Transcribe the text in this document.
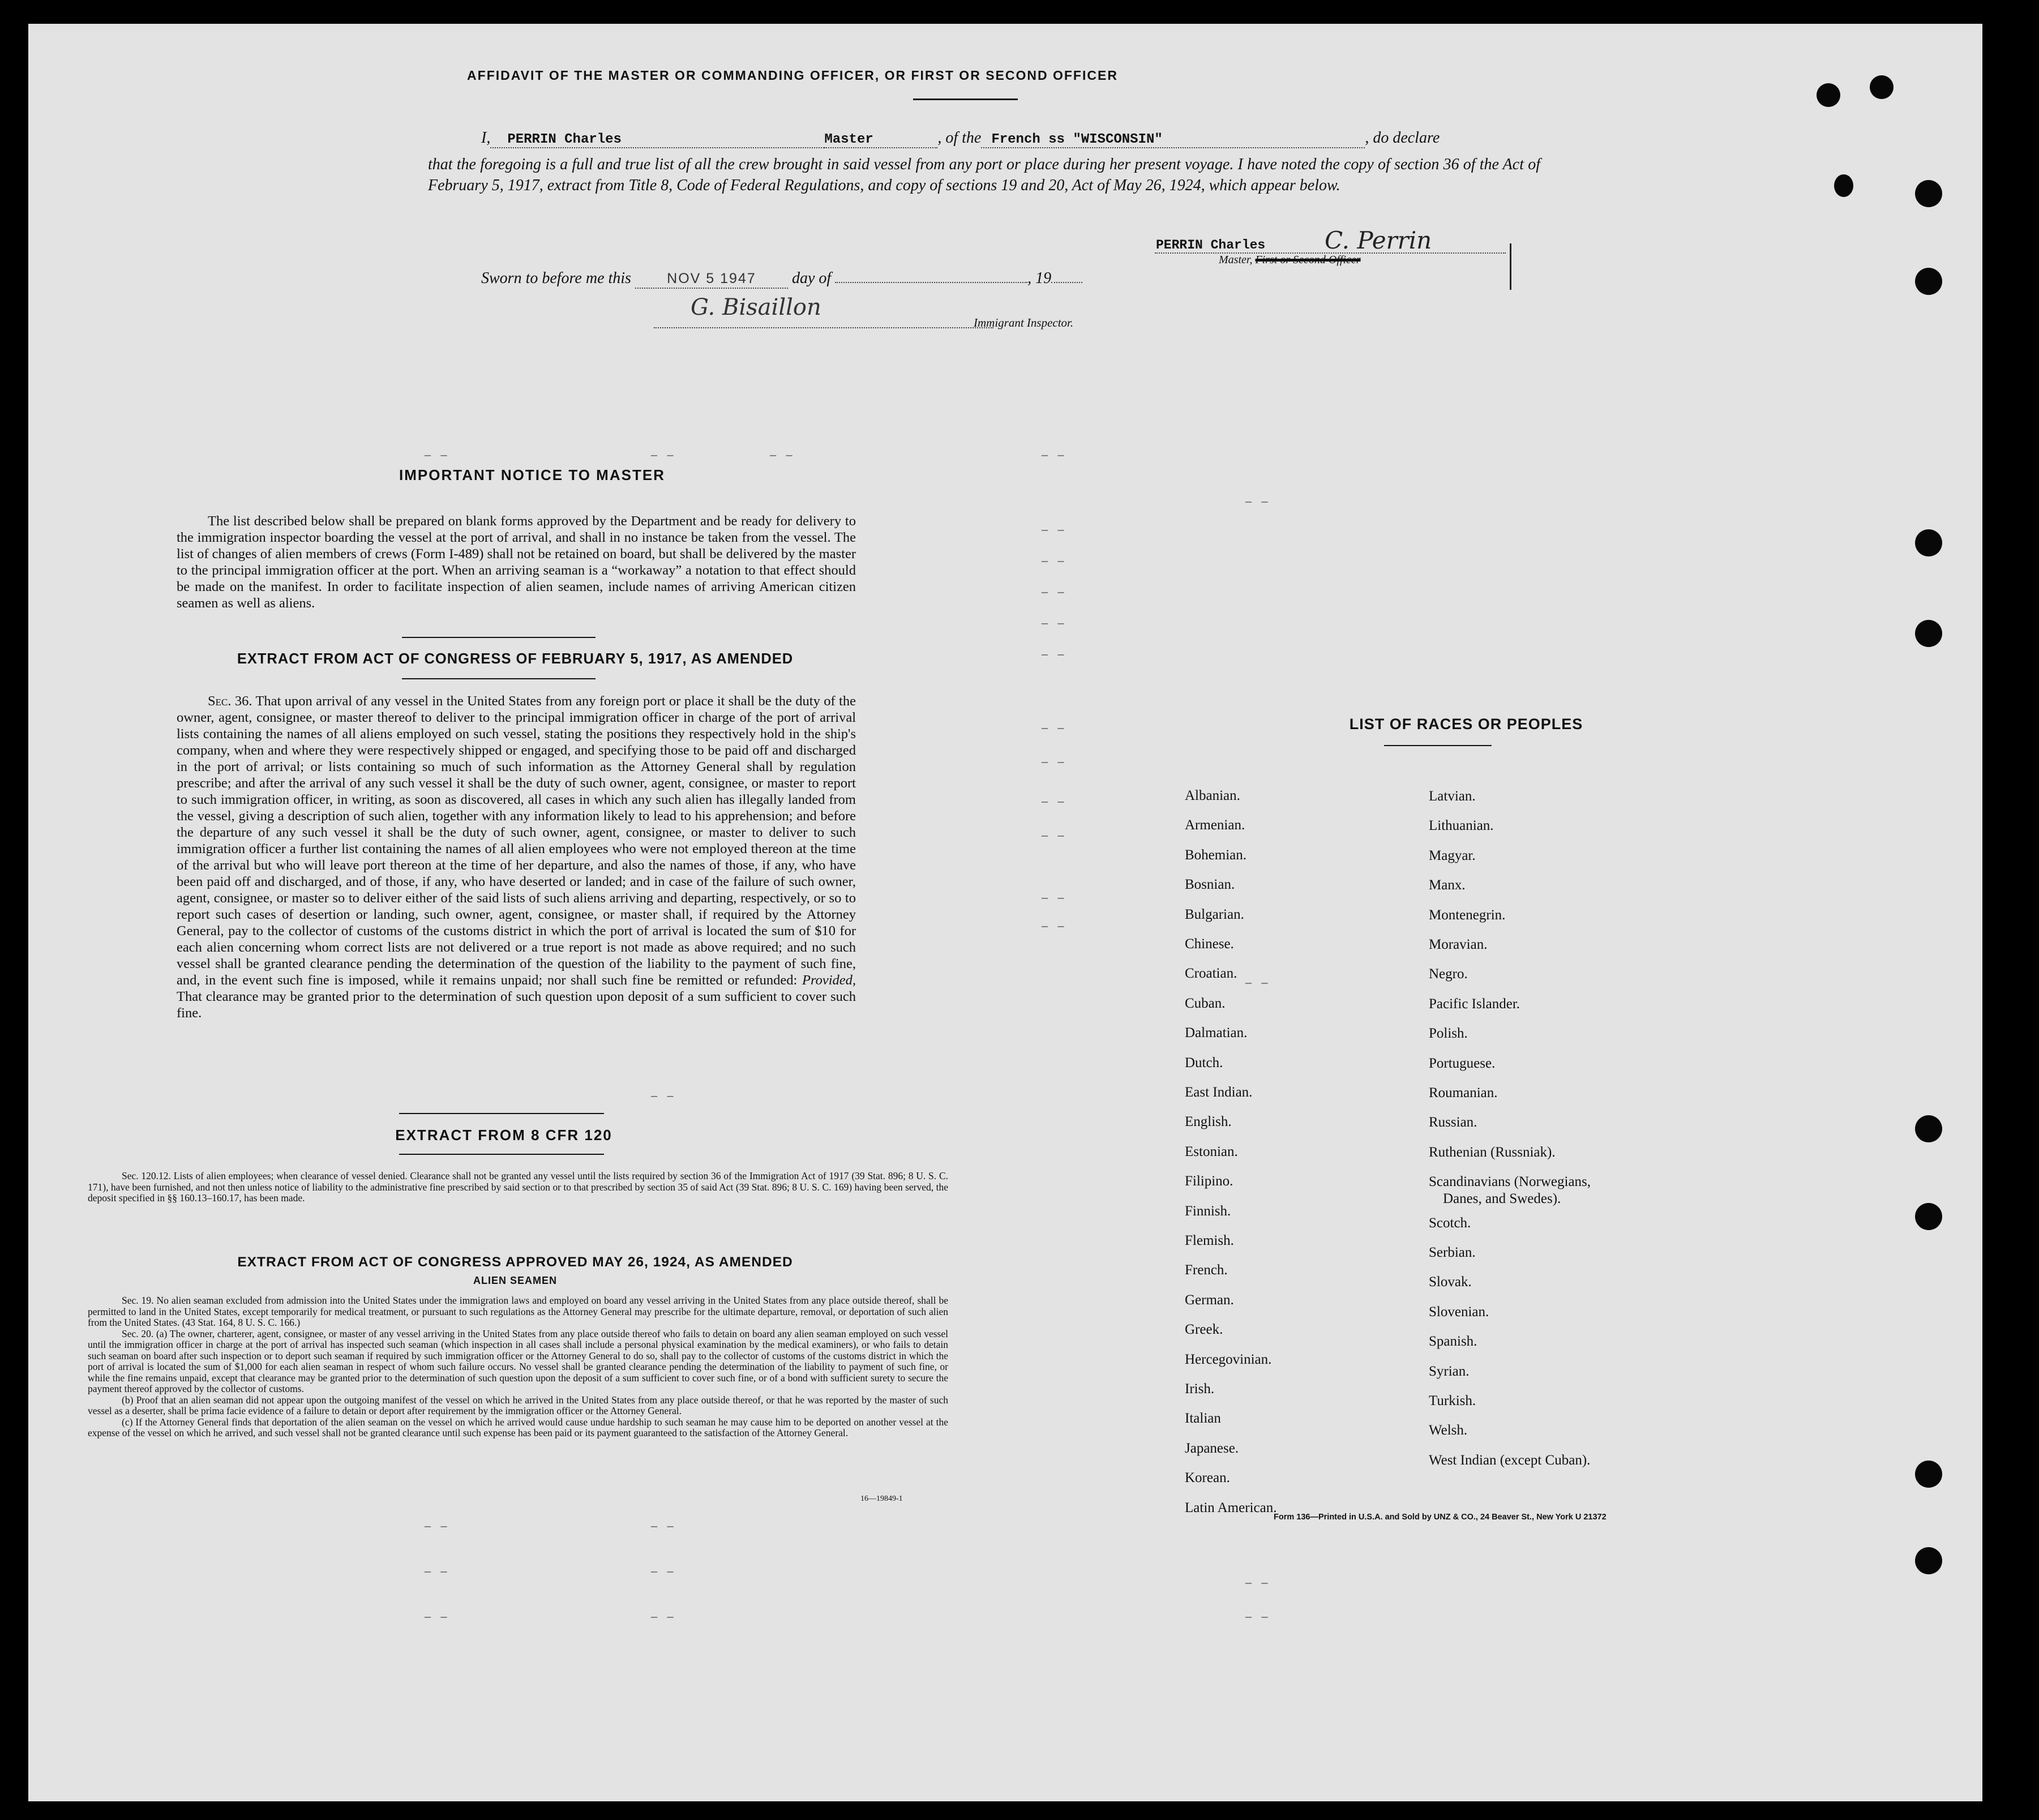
AFFIDAVIT OF THE MASTER OR COMMANDING OFFICER, OR FIRST OR SECOND OFFICER
I, PERRIN Charles	Master	, of the French ss "WISCONSIN"	, do declare
that the foregoing is a full and true list of all the crew brought in said vessel from any port or place during her present voyage. I have noted the copy of section 36 of the Act of February 5, 1917, extract from Title 8, Code of Federal Regulations, and copy of sections 19 and 20, Act of May 26, 1924, which appear below.
PERRIN Charles C. Perrin
Master, First or Second Officer
Sworn to before me this	NOV 5 1947 day of	, 19
G. Bisaillon
Immigrant Inspector.
IMPORTANT NOTICE TO MASTER
The list described below shall be prepared on blank forms approved by the Department and be ready for delivery to the immigration inspector boarding the vessel at the port of arrival, and shall in no instance be taken from the vessel. The list of changes of alien members of crews (Form I-489) shall not be retained on board, but shall be delivered by the master to the principal immigration officer at the port. When an arriving seaman is a “workaway” a notation to that effect should be made on the manifest. In order to facilitate inspection of alien seamen, include names of arriving American citizen seamen as well as aliens.
EXTRACT FROM ACT OF CONGRESS OF FEBRUARY 5, 1917, AS AMENDED
Sec. 36. That upon arrival of any vessel in the United States from any foreign port or place it shall be the duty of the owner, agent, consignee, or master thereof to deliver to the principal immigration officer in charge of the port of arrival lists containing the names of all aliens employed on such vessel, stating the positions they respectively hold in the ship's company, when and where they were respectively shipped or engaged, and specifying those to be paid off and discharged in the port of arrival; or lists containing so much of such information as the Attorney General shall by regulation prescribe; and after the arrival of any such vessel it shall be the duty of such owner, agent, consignee, or master to report to such immigration officer, in writing, as soon as discovered, all cases in which any such alien has illegally landed from the vessel, giving a description of such alien, together with any information likely to lead to his apprehension; and before the departure of any such vessel it shall be the duty of such owner, agent, consignee, or master to deliver to such immigration officer a further list containing the names of all alien employees who were not employed thereon at the time of the arrival but who will leave port thereon at the time of her departure, and also the names of those, if any, who have been paid off and discharged, and of those, if any, who have deserted or landed; and in case of the failure of such owner, agent, consignee, or master so to deliver either of the said lists of such aliens arriving and departing, respectively, or so to report such cases of desertion or landing, such owner, agent, consignee, or master shall, if required by the Attorney General, pay to the collector of customs of the customs district in which the port of arrival is located the sum of $10 for each alien concerning whom correct lists are not delivered or a true report is not made as above required; and no such vessel shall be granted clearance pending the determination of the question of the liability to the payment of such fine, and, in the event such fine is imposed, while it remains unpaid; nor shall such fine be remitted or refunded: Provided, That clearance may be granted prior to the determination of such question upon deposit of a sum sufficient to cover such fine.
EXTRACT FROM 8 CFR 120
Sec. 120.12. Lists of alien employees; when clearance of vessel denied. Clearance shall not be granted any vessel until the lists required by section 36 of the Immigration Act of 1917 (39 Stat. 896; 8 U. S. C. 171), have been furnished, and not then unless notice of liability to the administrative fine prescribed by said section or to that prescribed by section 35 of said Act (39 Stat. 896; 8 U. S. C. 169) having been served, the deposit specified in §§ 160.13–160.17, has been made.
EXTRACT FROM ACT OF CONGRESS APPROVED MAY 26, 1924, AS AMENDED
ALIEN SEAMEN
Sec. 19. No alien seaman excluded from admission into the United States under the immigration laws and employed on board any vessel arriving in the United States from any place outside thereof, shall be permitted to land in the United States, except temporarily for medical treatment, or pursuant to such regulations as the Attorney General may prescribe for the ultimate departure, removal, or deportation of such alien from the United States. (43 Stat. 164, 8 U. S. C. 166.)
Sec. 20. (a) The owner, charterer, agent, consignee, or master of any vessel arriving in the United States from any place outside thereof who fails to detain on board any alien seaman employed on such vessel until the immigration officer in charge at the port of arrival has inspected such seaman (which inspection in all cases shall include a personal physical examination by the medical examiners), or who fails to detain such seaman on board after such inspection or to deport such seaman if required by such immigration officer or the Attorney General to do so, shall pay to the collector of customs of the customs district in which the port of arrival is located the sum of $1,000 for each alien seaman in respect of whom such failure occurs. No vessel shall be granted clearance pending the determination of the liability to payment of such fine, or while the fine remains unpaid, except that clearance may be granted prior to the determination of such question upon the deposit of a sum sufficient to cover such fine, or of a bond with sufficient surety to secure the payment thereof approved by the collector of customs.
(b) Proof that an alien seaman did not appear upon the outgoing manifest of the vessel on which he arrived in the United States from any place outside thereof, or that he was reported by the master of such vessel as a deserter, shall be prima facie evidence of a failure to detain or deport after requirement by the immigration officer or the Attorney General.
(c) If the Attorney General finds that deportation of the alien seaman on the vessel on which he arrived would cause undue hardship to such seaman he may cause him to be deported on another vessel at the expense of the vessel on which he arrived, and such vessel shall not be granted clearance until such expense has been paid or its payment guaranteed to the satisfaction of the Attorney General.
16—19849-1
LIST OF RACES OR PEOPLES
Albanian.
Armenian.
Bohemian.
Bosnian.
Bulgarian.
Chinese.
Croatian.
Cuban.
Dalmatian.
Dutch.
East Indian.
English.
Estonian.
Filipino.
Finnish.
Flemish.
French.
German.
Greek.
Hercegovinian.
Irish.
Italian
Japanese.
Korean.
Latin American.
Latvian.
Lithuanian.
Magyar.
Manx.
Montenegrin.
Moravian.
Negro.
Pacific Islander.
Polish.
Portuguese.
Roumanian.
Russian.
Ruthenian (Russniak).
Scandinavians (Norwegians,
Danes, and Swedes).
Scotch.
Serbian.
Slovak.
Slovenian.
Spanish.
Syrian.
Turkish.
Welsh.
West Indian (except Cuban).
Form 136—Printed in U.S.A. and Sold by UNZ & CO., 24 Beaver St., New York U 21372
– –	– –	– –	– –
– –
– –
– –
– –
– –
– –
– –
– –
– –
– –
– –
– –
– –
– –
– –
– –
– –	– –
– –
– –
– –	– –
